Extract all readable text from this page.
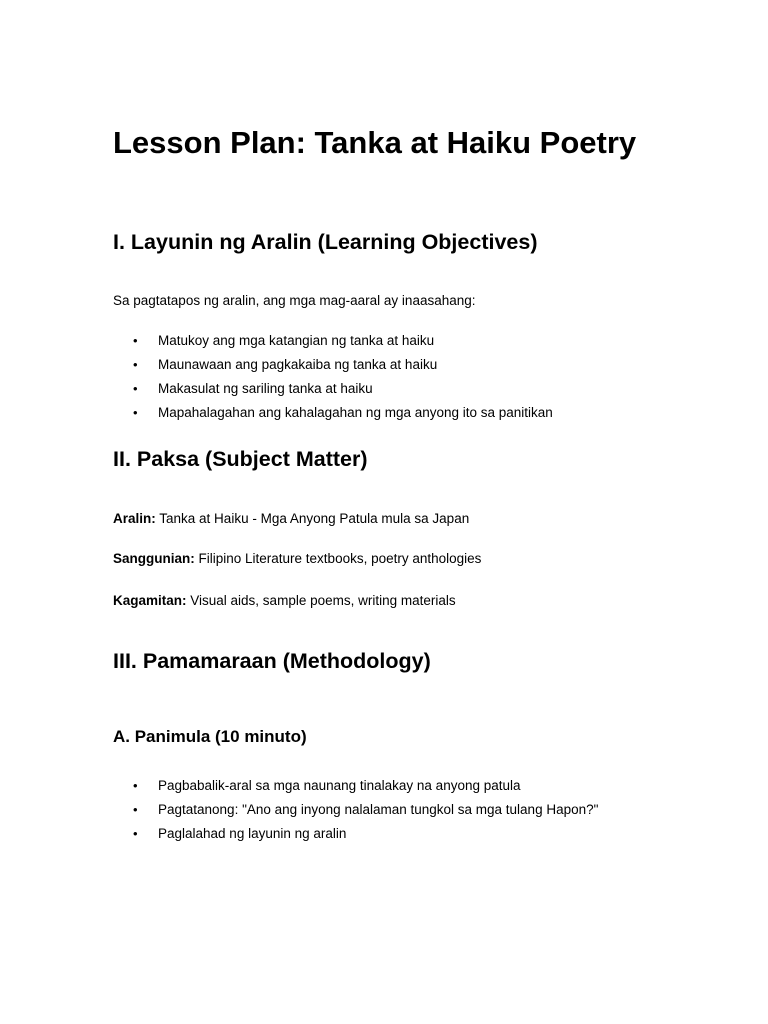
Lesson Plan: Tanka at Haiku Poetry
I. Layunin ng Aralin (Learning Objectives)

Sa pagtatapos ng aralin, ang mga mag-aaral ay inaasahang:

• Matukoy ang mga katangian ng tanka at haiku
• Maunawaan ang pagkakaiba ng tanka at haiku
• Makasulat ng sariling tanka at haiku
• Mapahalagahan ang kahalagahan ng mga anyong ito sa panitikan
II. Paksa (Subject Matter)

Aralin: Tanka at Haiku - Mga Anyong Patula mula sa Japan

Sanggunian: Filipino Literature textbooks, poetry anthologies

Kagamitan: Visual aids, sample poems, writing materials

III. Pamamaraan (Methodology)
A. Panimula (10 minuto)
• Pagbabalik-aral sa mga naunang tinalakay na anyong patula
• Pagtatanong: "Ano ang inyong nalalaman tungkol sa mga tulang Hapon?"
• Paglalahad ng layunin ng aralin
